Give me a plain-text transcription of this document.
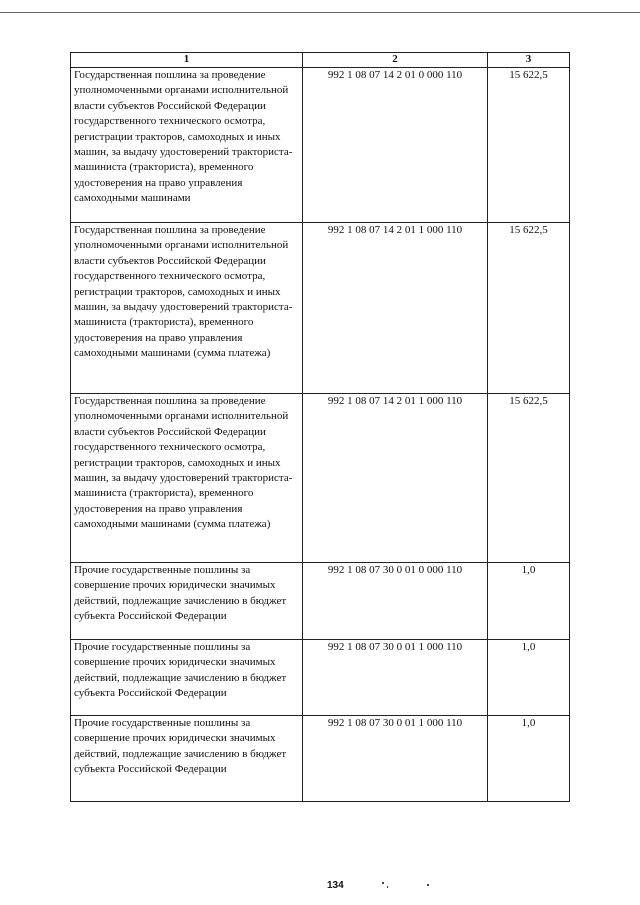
1	2	3
Государственная пошлина за проведение уполномоченными органами исполнительной власти субъектов Российской Федерации государственного технического осмотра, регистрации тракторов, самоходных и иных машин, за выдачу удостоверений тракториста-машиниста (тракториста), временного удостоверения на право управления самоходными машинами	992 1 08 07 14 2 01 0 000 110	15 622,5
Государственная пошлина за проведение уполномоченными органами исполнительной власти субъектов Российской Федерации государственного технического осмотра, регистрации тракторов, самоходных и иных машин, за выдачу удостоверений тракториста-машиниста (тракториста), временного удостоверения на право управления самоходными машинами (сумма платежа)	992 1 08 07 14 2 01 1 000 110	15 622,5
Государственная пошлина за проведение уполномоченными органами исполнительной власти субъектов Российской Федерации государственного технического осмотра, регистрации тракторов, самоходных и иных машин, за выдачу удостоверений тракториста-машиниста (тракториста), временного удостоверения на право управления самоходными машинами (сумма платежа)	992 1 08 07 14 2 01 1 000 110	15 622,5
Прочие государственные пошлины за совершение прочих юридически значимых действий, подлежащие зачислению в бюджет субъекта Российской Федерации	992 1 08 07 30 0 01 0 000 110	1,0
Прочие государственные пошлины за совершение прочих юридически значимых действий, подлежащие зачислению в бюджет субъекта Российской Федерации	992 1 08 07 30 0 01 1 000 110	1,0
Прочие государственные пошлины за совершение прочих юридически значимых действий, подлежащие зачислению в бюджет субъекта Российской Федерации	992 1 08 07 30 0 01 1 000 110	1,0
134
